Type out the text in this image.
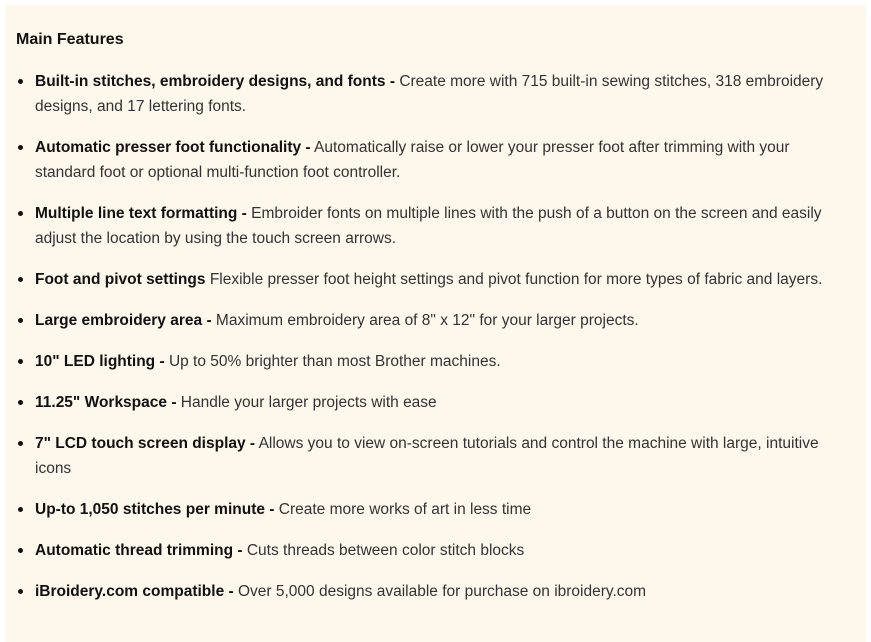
Main Features
Built-in stitches, embroidery designs, and fonts - Create more with 715 built-in sewing stitches, 318 embroidery designs, and 17 lettering fonts.
Automatic presser foot functionality - Automatically raise or lower your presser foot after trimming with your standard foot or optional multi-function foot controller.
Multiple line text formatting - Embroider fonts on multiple lines with the push of a button on the screen and easily adjust the location by using the touch screen arrows.
Foot and pivot settings Flexible presser foot height settings and pivot function for more types of fabric and layers.
Large embroidery area - Maximum embroidery area of 8" x 12" for your larger projects.
10" LED lighting - Up to 50% brighter than most Brother machines.
11.25" Workspace - Handle your larger projects with ease
7" LCD touch screen display - Allows you to view on-screen tutorials and control the machine with large, intuitive icons
Up-to 1,050 stitches per minute - Create more works of art in less time
Automatic thread trimming - Cuts threads between color stitch blocks
iBroidery.com compatible - Over 5,000 designs available for purchase on ibroidery.com
